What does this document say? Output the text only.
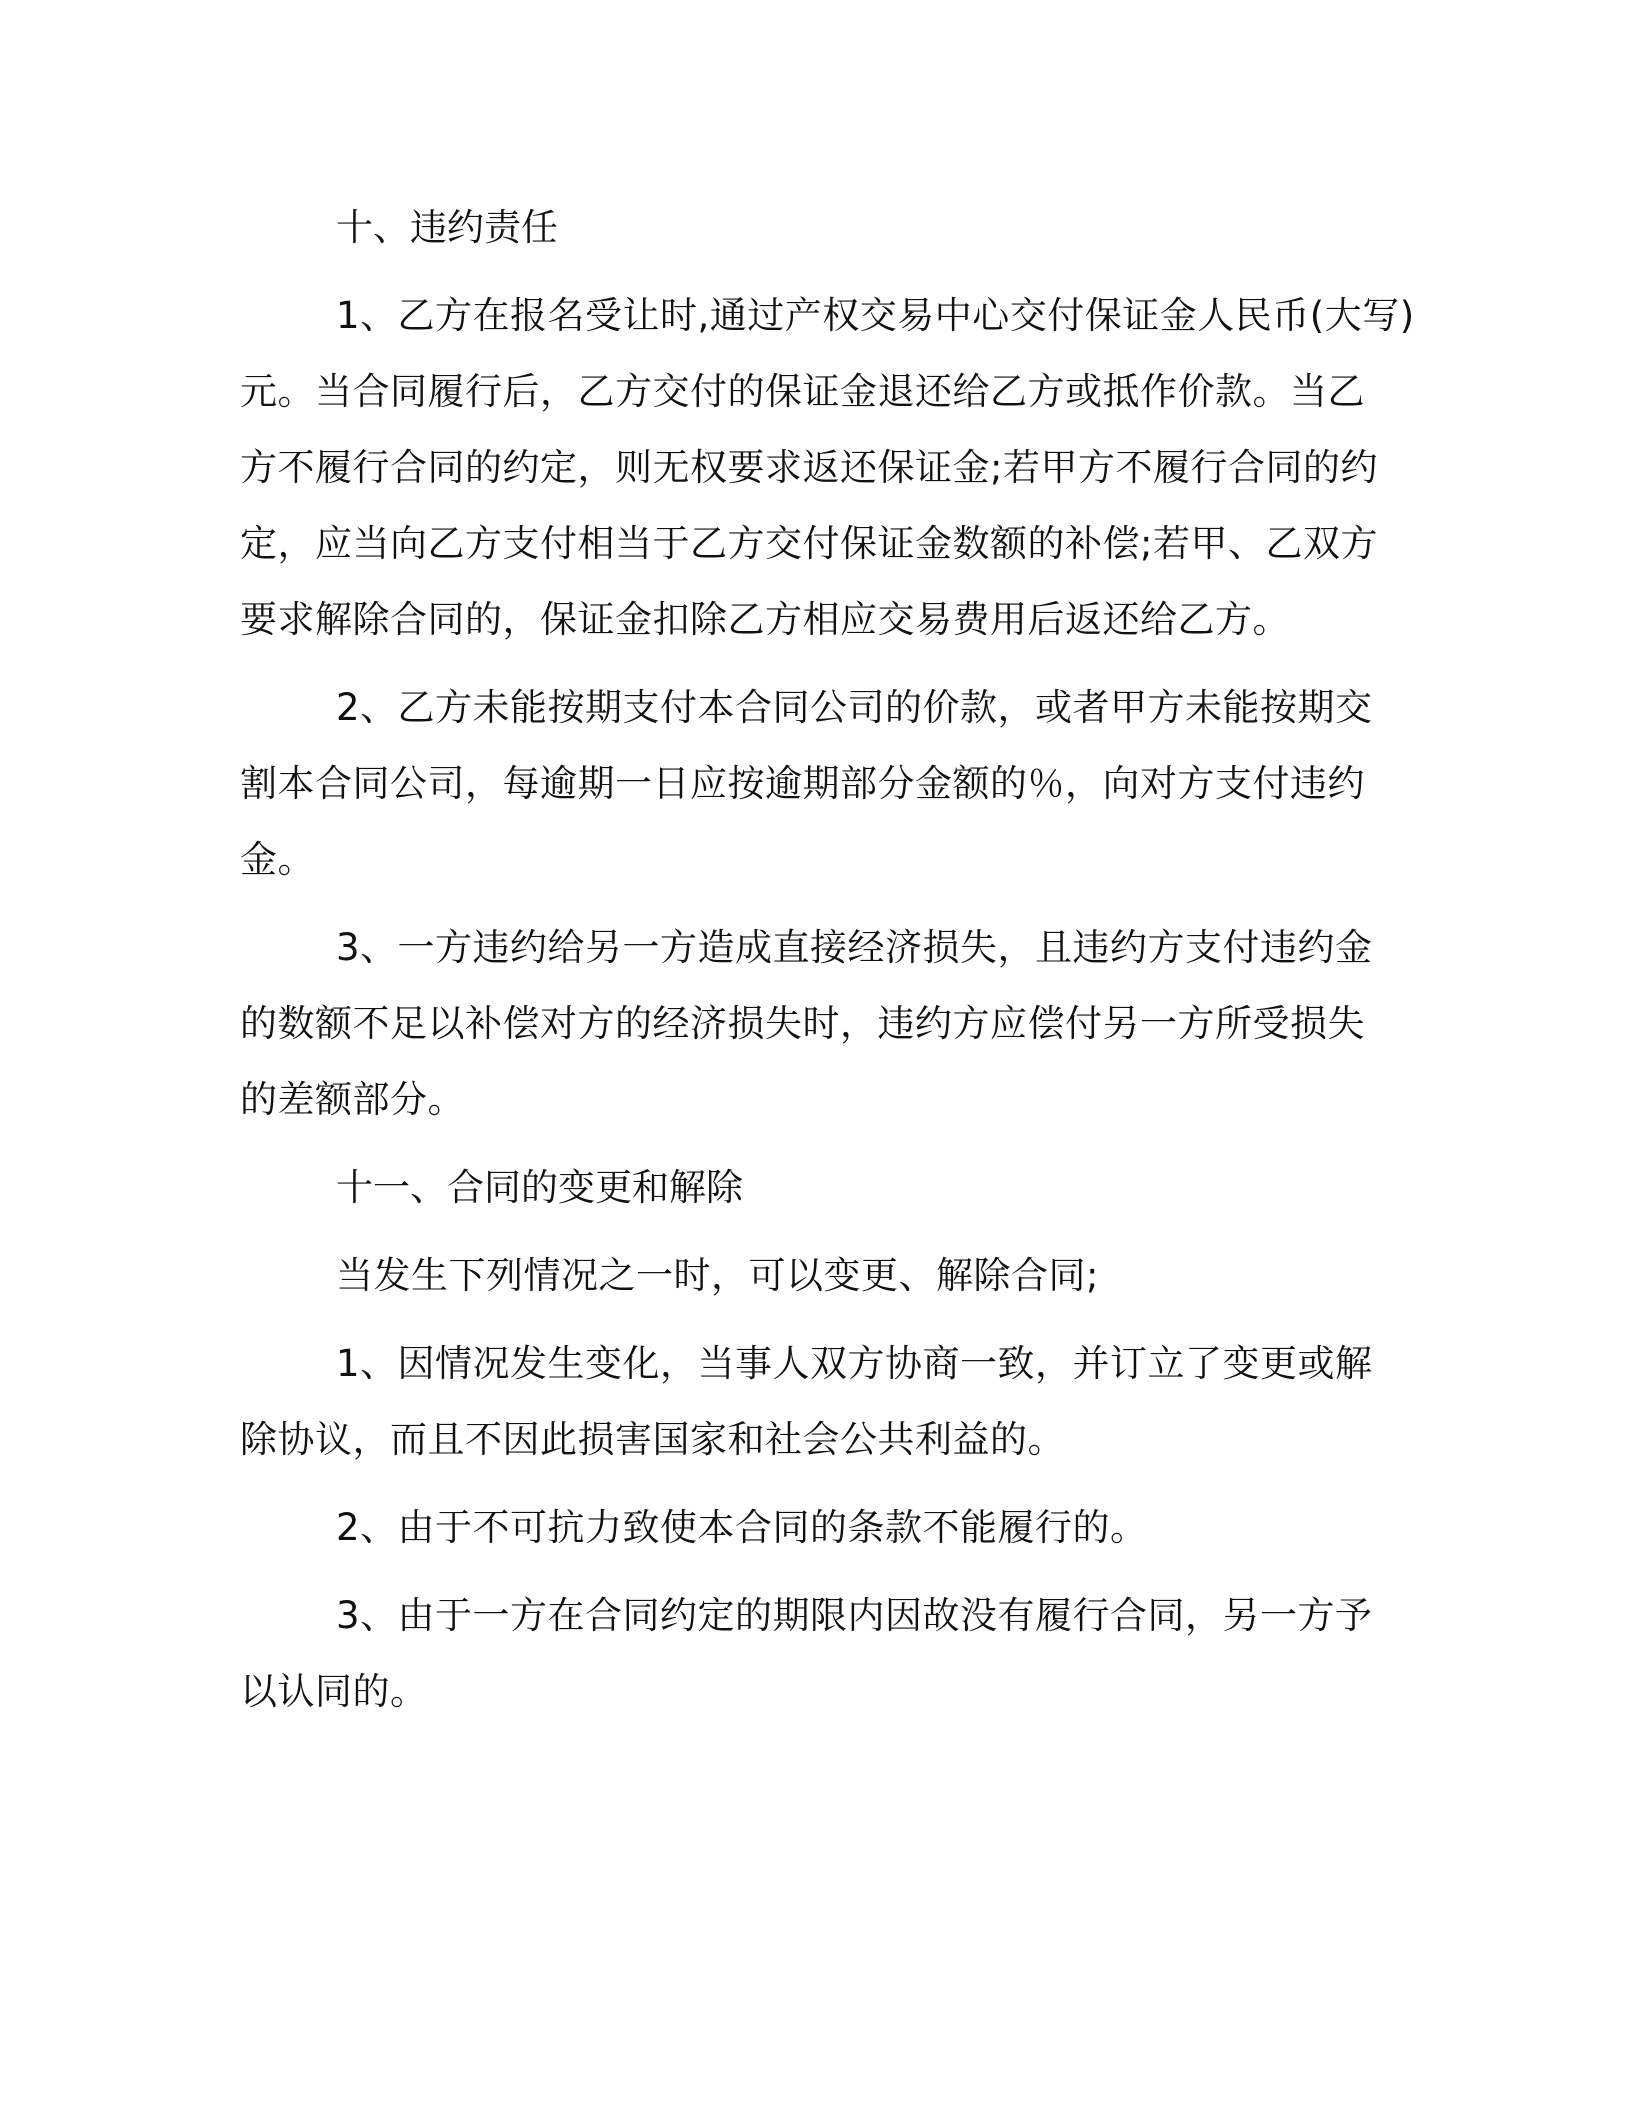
十、违约责任
1、乙方在报名受让时,通过产权交易中心交付保证金人民币(大写)
元。当合同履行后，乙方交付的保证金退还给乙方或抵作价款。当乙
方不履行合同的约定，则无权要求返还保证金;若甲方不履行合同的约
定，应当向乙方支付相当于乙方交付保证金数额的补偿;若甲、乙双方
要求解除合同的，保证金扣除乙方相应交易费用后返还给乙方。
2、乙方未能按期支付本合同公司的价款，或者甲方未能按期交
割本合同公司，每逾期一日应按逾期部分金额的％，向对方支付违约
金。
3、一方违约给另一方造成直接经济损失，且违约方支付违约金
的数额不足以补偿对方的经济损失时，违约方应偿付另一方所受损失
的差额部分。
十一、合同的变更和解除
当发生下列情况之一时，可以变更、解除合同;
1、因情况发生变化，当事人双方协商一致，并订立了变更或解
除协议，而且不因此损害国家和社会公共利益的。
2、由于不可抗力致使本合同的条款不能履行的。
3、由于一方在合同约定的期限内因故没有履行合同，另一方予
以认同的。
